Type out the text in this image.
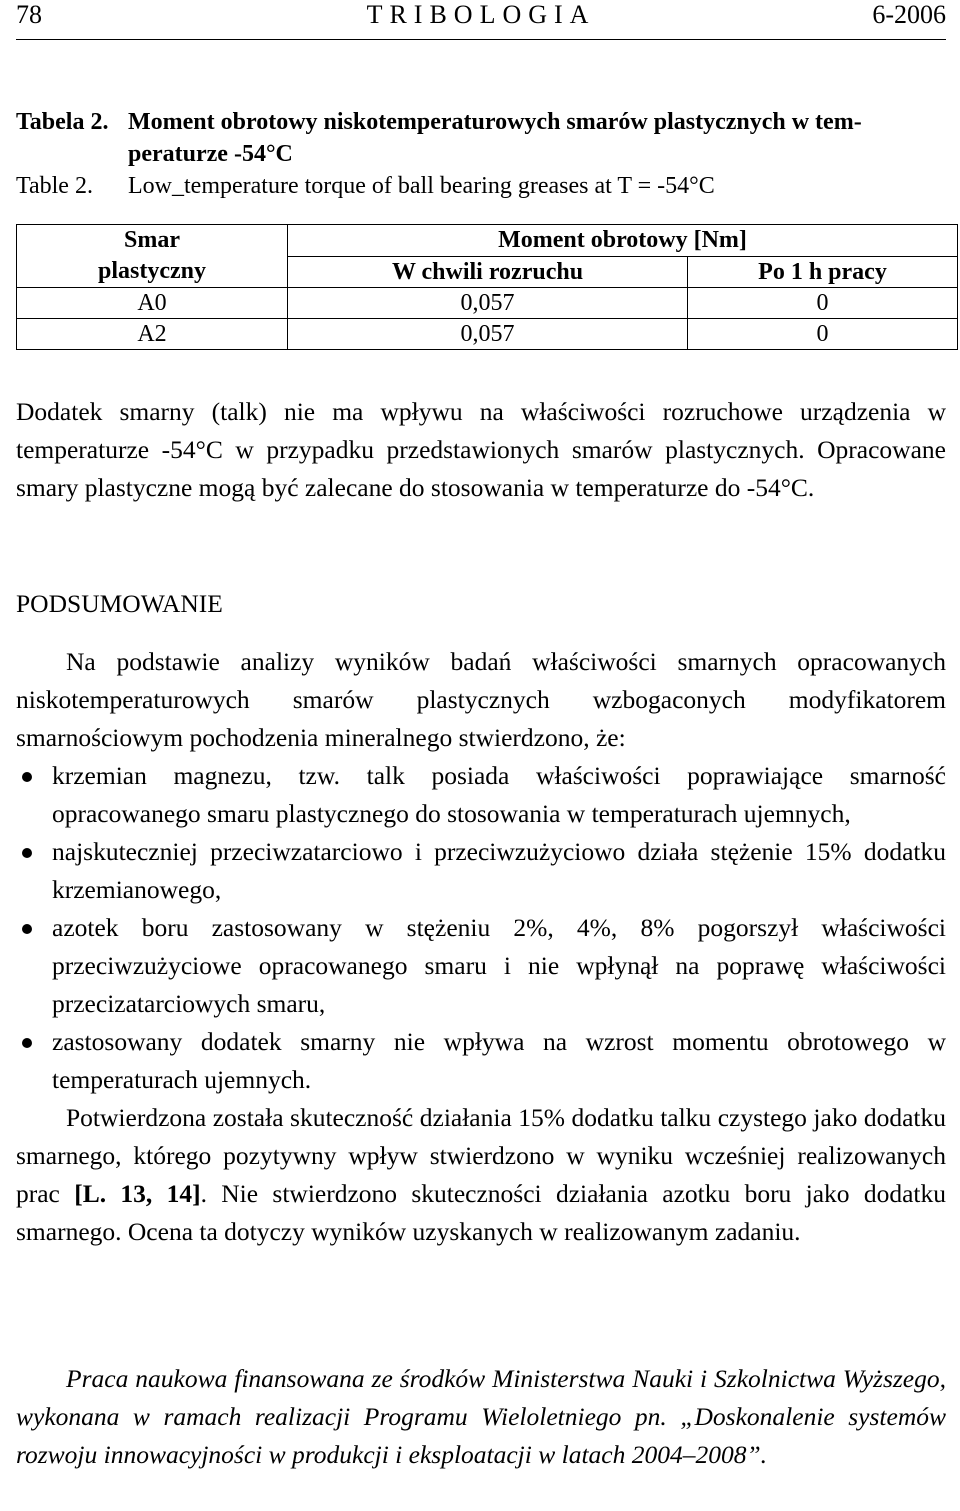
78	TRIBOLOGIA	6-2006
Tabela 2. Moment obrotowy niskotemperaturowych smarów plastycznych w tem-
peraturze -54°C
Table 2.	Low_temperature torque of ball bearing greases at T = -54°C
Smar
plastyczny	Moment obrotowy [Nm]	
	W chwili rozruchu	Po 1 h pracy
A0	0,057	0
A2	0,057	0
Dodatek smarny (talk) nie ma wpływu na właściwości rozruchowe urządzenia w temperaturze -54°C w przypadku przedstawionych smarów plastycznych. Opracowane smary plastyczne mogą być zalecane do stosowania w temperaturze do -54°C.
PODSUMOWANIE
Na podstawie analizy wyników badań właściwości smarnych opracowanych niskotemperaturowych smarów plastycznych wzbogaconych modyfikatorem smarnościowym pochodzenia mineralnego stwierdzono, że:
krzemian magnezu, tzw. talk posiada właściwości poprawiające smarność opracowanego smaru plastycznego do stosowania w temperaturach ujemnych,
najskuteczniej przeciwzatarciowo i przeciwzużyciowo działa stężenie 15% dodatku krzemianowego,
azotek boru zastosowany w stężeniu 2%, 4%, 8% pogorszył właściwości przeciwzużyciowe opracowanego smaru i nie wpłynął na poprawę właściwości przecizatarciowych smaru,
zastosowany dodatek smarny nie wpływa na wzrost momentu obrotowego w temperaturach ujemnych.
Potwierdzona została skuteczność działania 15% dodatku talku czystego jako dodatku smarnego, którego pozytywny wpływ stwierdzono w wyniku wcześniej realizowanych prac [L. 13, 14]. Nie stwierdzono skuteczności działania azotku boru jako dodatku smarnego. Ocena ta dotyczy wyników uzyskanych w realizowanym zadaniu.
Praca naukowa finansowana ze środków Ministerstwa Nauki i Szkolnictwa Wyższego, wykonana w ramach realizacji Programu Wieloletniego pn. „Doskonalenie systemów rozwoju innowacyjności w produkcji i eksploatacji w latach 2004–2008”.
